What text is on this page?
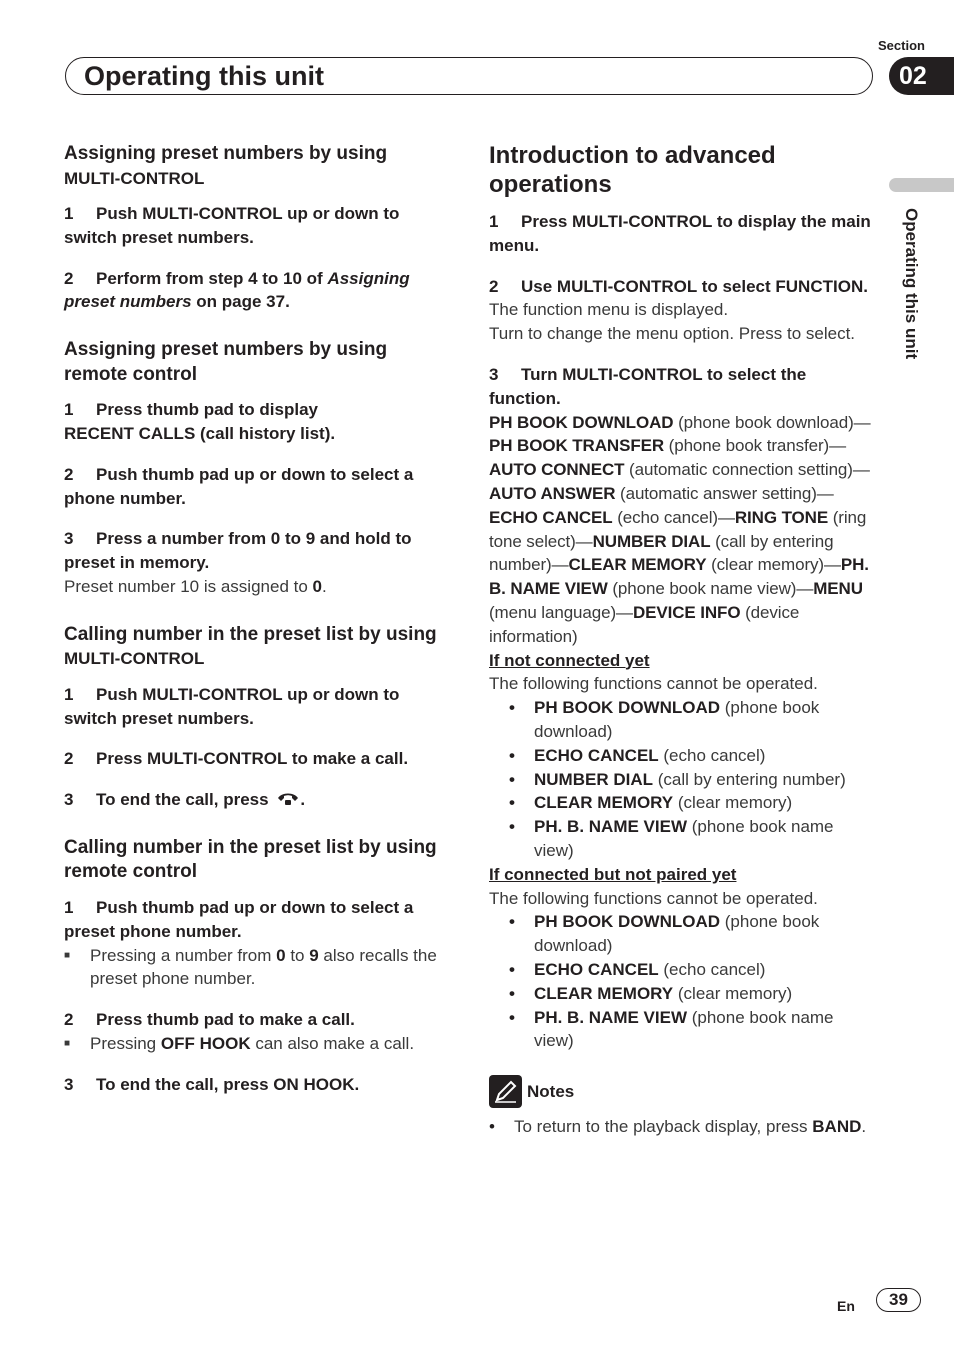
Section
Operating this unit	02
Operating this unit
Assigning preset numbers by using
MULTI-CONTROL
1 Push MULTI-CONTROL up or down to switch preset numbers.
2 Perform from step 4 to 10 of Assigning preset numbers on page 37.
Assigning preset numbers by using remote control
1 Press thumb pad to display
RECENT CALLS (call history list).
2 Push thumb pad up or down to select a phone number.
3 Press a number from 0 to 9 and hold to preset in memory.
Preset number 10 is assigned to 0.
Calling number in the preset list by using MULTI-CONTROL
1 Push MULTI-CONTROL up or down to switch preset numbers.
2 Press MULTI-CONTROL to make a call.
3 To end the call, press .
Calling number in the preset list by using remote control
1 Push thumb pad up or down to select a preset phone number.
■	Pressing a number from 0 to 9 also recalls the preset phone number.
2 Press thumb pad to make a call.
■	Pressing OFF HOOK can also make a call.
3 To end the call, press ON HOOK.
Introduction to advanced operations
1 Press MULTI-CONTROL to display the main menu.
2 Use MULTI-CONTROL to select FUNCTION.
The function menu is displayed.
Turn to change the menu option. Press to select.
3 Turn MULTI-CONTROL to select the function.
PH BOOK DOWNLOAD (phone book download)—PH BOOK TRANSFER (phone book transfer)—AUTO CONNECT (automatic connection setting)—AUTO ANSWER (automatic answer setting)—ECHO CANCEL (echo cancel)—RING TONE (ring tone select)—NUMBER DIAL (call by entering number)—CLEAR MEMORY (clear memory)—PH. B. NAME VIEW (phone book name view)—MENU (menu language)—DEVICE INFO (device information)
If not connected yet
The following functions cannot be operated.
•	PH BOOK DOWNLOAD (phone book download)
•	ECHO CANCEL (echo cancel)
•	NUMBER DIAL (call by entering number)
•	CLEAR MEMORY (clear memory)
•	PH. B. NAME VIEW (phone book name view)
If connected but not paired yet
The following functions cannot be operated.
•	PH BOOK DOWNLOAD (phone book download)
•	ECHO CANCEL (echo cancel)
•	CLEAR MEMORY (clear memory)
•	PH. B. NAME VIEW (phone book name view)
Notes
•	To return to the playback display, press BAND.
En	39
